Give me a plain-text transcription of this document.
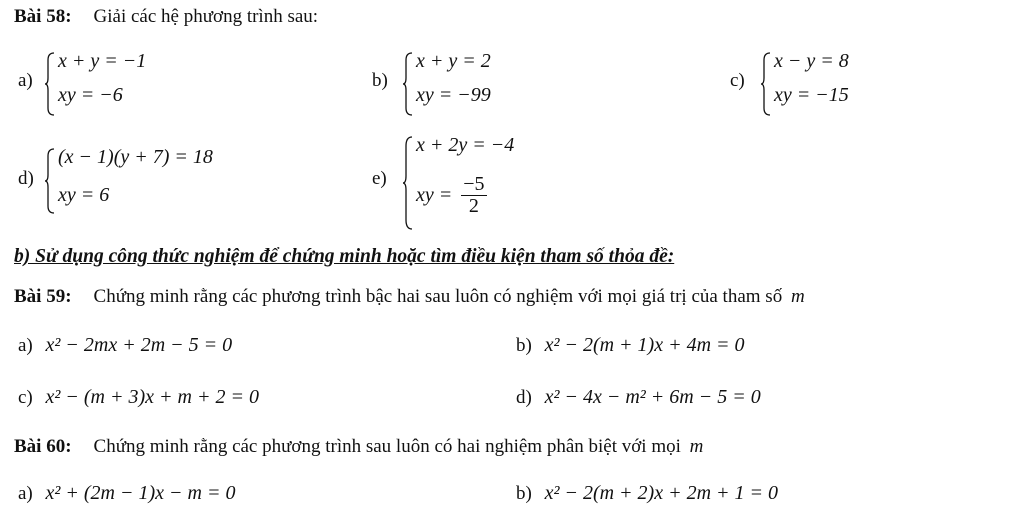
Bài 58: Giải các hệ phương trình sau:
a)
x + y = −1
xy = −6
b)
x + y = 2
xy = −99
c)
x − y = 8
xy = −15
d)
(x − 1)(y + 7) = 18
xy = 6
e)
x + 2y = −4
xy = $\frac{-5}{2}$
b) Sử dụng công thức nghiệm để chứng minh hoặc tìm điều kiện tham số thỏa đề:
Bài 59: Chứng minh rằng các phương trình bậc hai sau luôn có nghiệm với mọi giá trị của tham số m
a) x² − 2mx + 2m − 5 = 0	b) x² − 2(m + 1)x + 4m = 0
c) x² − (m + 3)x + m + 2 = 0	d) x² − 4x − m² + 6m − 5 = 0
Bài 60: Chứng minh rằng các phương trình sau luôn có hai nghiệm phân biệt với mọi m
a) x² + (2m − 1)x − m = 0	b) x² − 2(m + 2)x + 2m + 1 = 0
